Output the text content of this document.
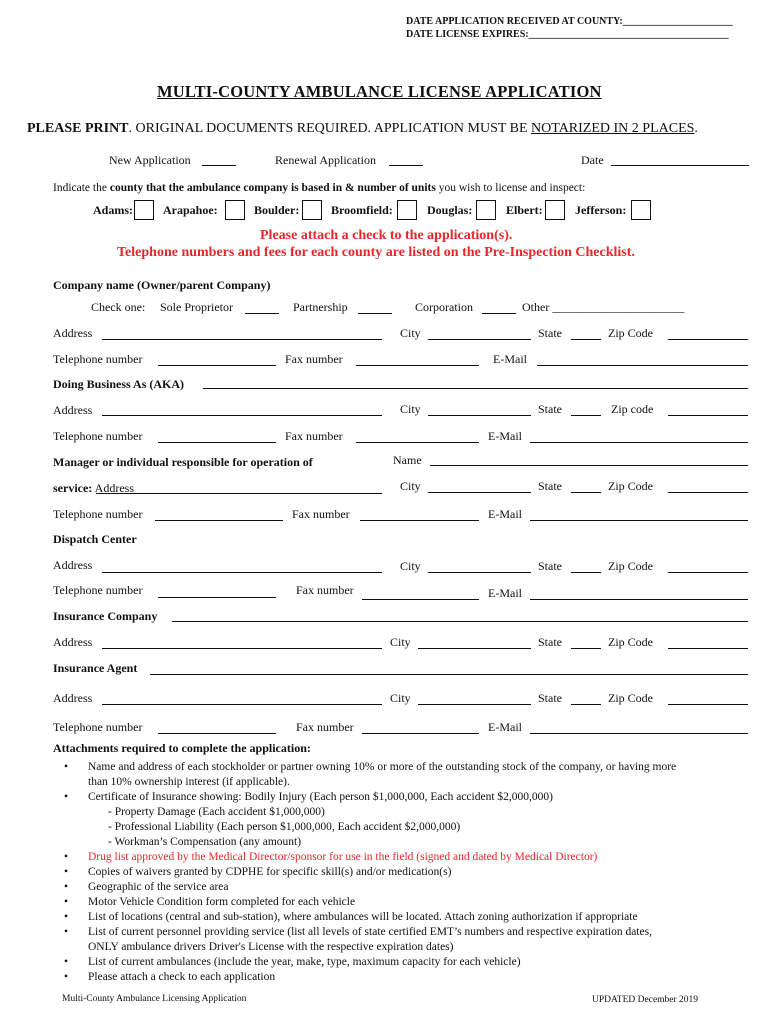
DATE APPLICATION RECEIVED AT COUNTY:______________________
DATE LICENSE EXPIRES:________________________________________
MULTI-COUNTY AMBULANCE LICENSE APPLICATION
PLEASE PRINT. ORIGINAL DOCUMENTS REQUIRED. APPLICATION MUST BE NOTARIZED IN 2 PLACES.
New Application	Renewal Application	Date
Indicate the county that the ambulance company is based in & number of units you wish to license and inspect:
Adams: Arapahoe:	Boulder:	Broomfield:	Douglas:	Elbert:	Jefferson:
Please attach a check to the application(s).
Telephone numbers and fees for each county are listed on the Pre-Inspection Checklist.
Company name (Owner/parent Company)
Check one: Sole Proprietor	Partnership	Corporation	Other ______________________
Address	City	State	Zip Code
Telephone number	Fax number	E-Mail
Doing Business As (AKA)
Address	City	State	Zip code
Telephone number	Fax number	E-Mail
Manager or individual responsible for operation of	Name
service: Address	City	State	Zip Code
Telephone number	Fax number	E-Mail
Dispatch Center
Address	City	State	Zip Code
Telephone number	Fax number	E-Mail
Insurance Company
Address	City	State	Zip Code
Insurance Agent
Address	City	State	Zip Code
Telephone number	Fax number	E-Mail
Attachments required to complete the application:
• Name and address of each stockholder or partner owning 10% or more of the outstanding stock of the company, or having more
than 10% ownership interest (if applicable).
• Certificate of Insurance showing: Bodily Injury (Each person $1,000,000, Each accident $2,000,000)
- Property Damage (Each accident $1,000,000)
- Professional Liability (Each person $1,000,000, Each accident $2,000,000)
- Workman’s Compensation (any amount)
• Drug list approved by the Medical Director/sponsor for use in the field (signed and dated by Medical Director)
• Copies of waivers granted by CDPHE for specific skill(s) and/or medication(s)
• Geographic of the service area
• Motor Vehicle Condition form completed for each vehicle
• List of locations (central and sub-station), where ambulances will be located. Attach zoning authorization if appropriate
• List of current personnel providing service (list all levels of state certified EMT’s numbers and respective expiration dates,
ONLY ambulance drivers Driver's License with the respective expiration dates)
• List of current ambulances (include the year, make, type, maximum capacity for each vehicle)
• Please attach a check to each application
Multi-County Ambulance Licensing Application	UPDATED December 2019
